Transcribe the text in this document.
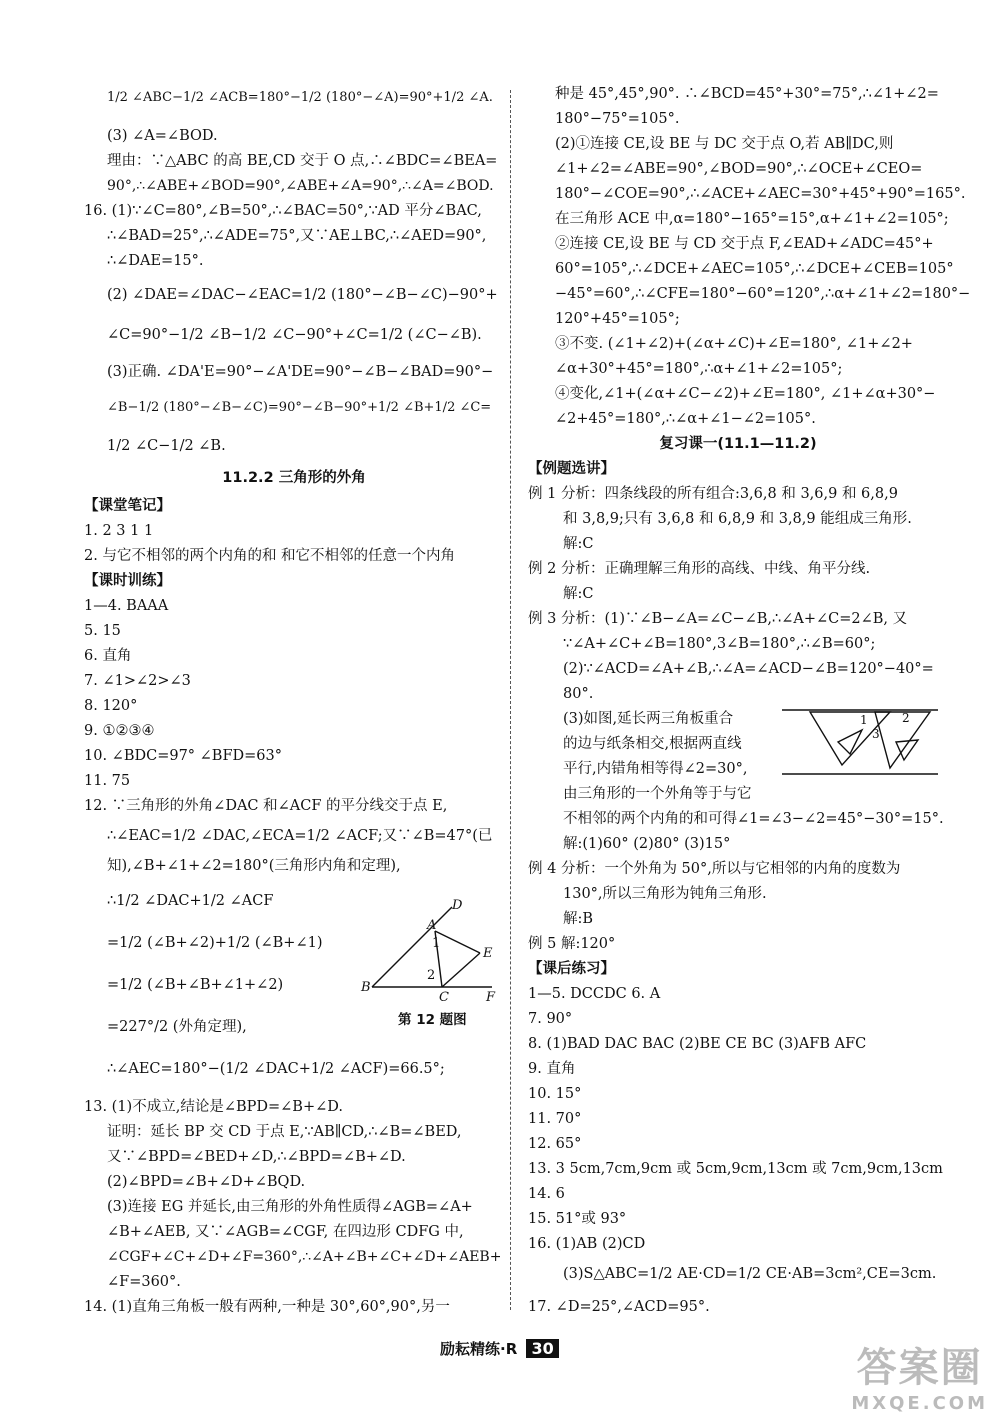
1/2 ∠ABC−1/2 ∠ACB=180°−1/2 (180°−∠A)=90°+1/2 ∠A.
(3) ∠A=∠BOD.
理由：∵△ABC 的高 BE,CD 交于 O 点,∴∠BDC=∠BEA=
90°,∴∠ABE+∠BOD=90°,∠ABE+∠A=90°,∴∠A=∠BOD.
16. (1)∵∠C=80°,∠B=50°,∴∠BAC=50°,∵AD 平分∠BAC,
∴∠BAD=25°,∴∠ADE=75°,又∵AE⊥BC,∴∠AED=90°,
∴∠DAE=15°.
(2) ∠DAE=∠DAC−∠EAC=1/2 (180°−∠B−∠C)−90°+
∠C=90°−1/2 ∠B−1/2 ∠C−90°+∠C=1/2 (∠C−∠B).
(3)正确. ∠DA'E=90°−∠A'DE=90°−∠B−∠BAD=90°−
∠B−1/2 (180°−∠B−∠C)=90°−∠B−90°+1/2 ∠B+1/2 ∠C=
1/2 ∠C−1/2 ∠B.
11.2.2 三角形的外角
【课堂笔记】
1. 2 3 1 1
2. 与它不相邻的两个内角的和 和它不相邻的任意一个内角
【课时训练】
1—4. BAAA
5. 15
6. 直角
7. ∠1>∠2>∠3
8. 120°
9. ①②③④
10. ∠BDC=97° ∠BFD=63°
11. 75
12. ∵三角形的外角∠DAC 和∠ACF 的平分线交于点 E,
∴∠EAC=1/2 ∠DAC,∠ECA=1/2 ∠ACF;又∵∠B=47°(已
知),∠B+∠1+∠2=180°(三角形内角和定理),
∴1/2 ∠DAC+1/2 ∠ACF
=1/2 (∠B+∠2)+1/2 (∠B+∠1)
=1/2 (∠B+∠B+∠1+∠2)
=227°/2 (外角定理),
∴∠AEC=180°−(1/2 ∠DAC+1/2 ∠ACF)=66.5°;
13. (1)不成立,结论是∠BPD=∠B+∠D.
证明：延长 BP 交 CD 于点 E,∵AB∥CD,∴∠B=∠BED,
又∵∠BPD=∠BED+∠D,∴∠BPD=∠B+∠D.
(2)∠BPD=∠B+∠D+∠BQD.
(3)连接 EG 并延长,由三角形的外角性质得∠AGB=∠A+
∠B+∠AEB, 又∵∠AGB=∠CGF, 在四边形 CDFG 中,
∠CGF+∠C+∠D+∠F=360°,∴∠A+∠B+∠C+∠D+∠AEB+
∠F=360°.
14. (1)直角三角板一般有两种,一种是 30°,60°,90°,另一
种是 45°,45°,90°. ∴∠BCD=45°+30°=75°,∴∠1+∠2=
180°−75°=105°.
(2)①连接 CE,设 BE 与 DC 交于点 O,若 AB∥DC,则
∠1+∠2=∠ABE=90°,∠BOD=90°,∴∠OCE+∠CEO=
180°−∠COE=90°,∴∠ACE+∠AEC=30°+45°+90°=165°.
在三角形 ACE 中,α=180°−165°=15°,α+∠1+∠2=105°;
②连接 CE,设 BE 与 CD 交于点 F,∠EAD+∠ADC=45°+
60°=105°,∴∠DCE+∠AEC=105°,∴∠DCE+∠CEB=105°
−45°=60°,∴∠CFE=180°−60°=120°,∴α+∠1+∠2=180°−
120°+45°=105°;
③不变. (∠1+∠2)+(∠α+∠C)+∠E=180°, ∠1+∠2+
∠α+30°+45°=180°,∴α+∠1+∠2=105°;
④变化,∠1+(∠α+∠C−∠2)+∠E=180°, ∠1+∠α+30°−
∠2+45°=180°,∴∠α+∠1−∠2=105°.
复习课一(11.1—11.2)
【例题选讲】
例 1 分析：四条线段的所有组合:3,6,8 和 3,6,9 和 6,8,9
和 3,8,9;只有 3,6,8 和 6,8,9 和 3,8,9 能组成三角形.
解:C
例 2 分析：正确理解三角形的高线、中线、角平分线.
解:C
例 3 分析：(1)∵∠B−∠A=∠C−∠B,∴∠A+∠C=2∠B, 又
∵∠A+∠C+∠B=180°,3∠B=180°,∴∠B=60°;
(2)∵∠ACD=∠A+∠B,∴∠A=∠ACD−∠B=120°−40°=
80°.
(3)如图,延长两三角板重合
的边与纸条相交,根据两直线
平行,内错角相等得∠2=30°,
由三角形的一个外角等于与它
不相邻的两个内角的和可得∠1=∠3−∠2=45°−30°=15°.
解:(1)60° (2)80° (3)15°
例 4 分析：一个外角为 50°,所以与它相邻的内角的度数为
130°,所以三角形为钝角三角形.
解:B
例 5 解:120°
【课后练习】
1—5. DCCDC 6. A
7. 90°
8. (1)BAD DAC BAC (2)BE CE BC (3)AFB AFC
9. 直角
10. 15°
11. 70°
12. 65°
13. 3 5cm,7cm,9cm 或 5cm,9cm,13cm 或 7cm,9cm,13cm
14. 6
15. 51°或 93°
16. (1)AB (2)CD
(3)S△ABC=1/2 AE·CD=1/2 CE·AB=3cm²,CE=3cm.
17. ∠D=25°,∠ACD=95°.
A
B
C
D
E
F
1
2
第 12 题图
1	2
3
励耘精练·R 30	答案圈
MXQE.COM
